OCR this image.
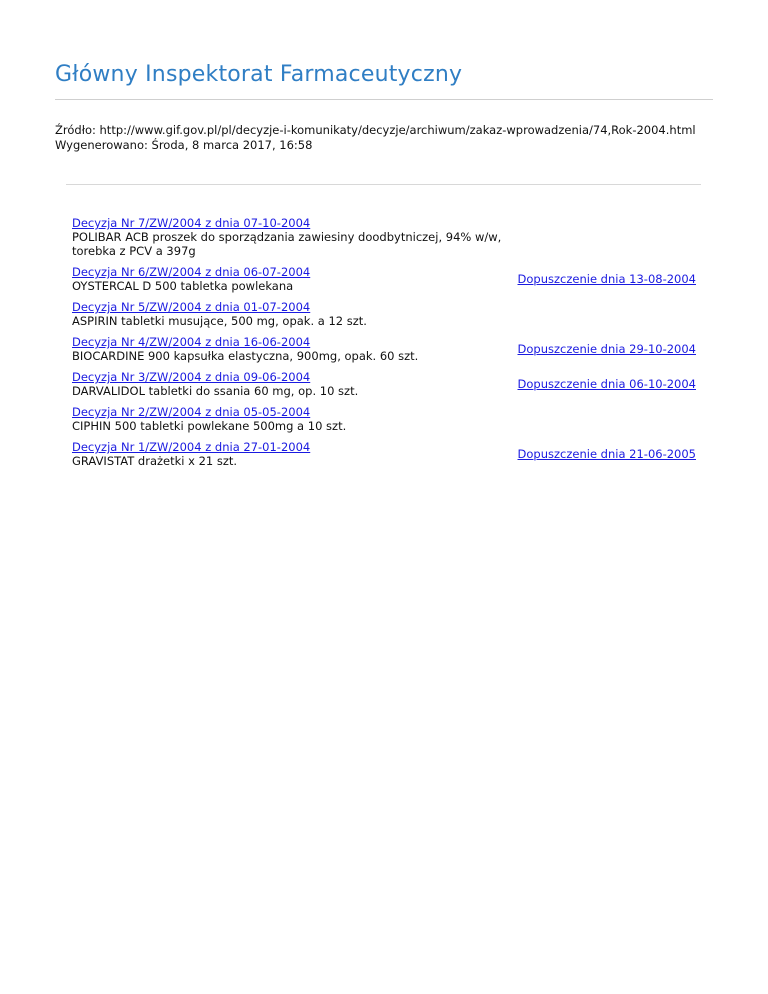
Główny Inspektorat Farmaceutyczny
Źródło: http://www.gif.gov.pl/pl/decyzje-i-komunikaty/decyzje/archiwum/zakaz-wprowadzenia/74,Rok-2004.html
Wygenerowano: Środa, 8 marca 2017, 16:58
Decyzja Nr 7/ZW/2004 z dnia 07-10-2004
POLIBAR ACB proszek do sporządzania zawiesiny doodbytniczej, 94% w/w, torebka z PCV a 397g
Decyzja Nr 6/ZW/2004 z dnia 06-07-2004
OYSTERCAL D 500 tabletka powlekana	Dopuszczenie dnia 13-08-2004
Decyzja Nr 5/ZW/2004 z dnia 01-07-2004
ASPIRIN tabletki musujące, 500 mg, opak. a 12 szt.
Decyzja Nr 4/ZW/2004 z dnia 16-06-2004
BIOCARDINE 900 kapsułka elastyczna, 900mg, opak. 60 szt.	Dopuszczenie dnia 29-10-2004
Decyzja Nr 3/ZW/2004 z dnia 09-06-2004
DARVALIDOL tabletki do ssania 60 mg, op. 10 szt.	Dopuszczenie dnia 06-10-2004
Decyzja Nr 2/ZW/2004 z dnia 05-05-2004
CIPHIN 500 tabletki powlekane 500mg a 10 szt.
Decyzja Nr 1/ZW/2004 z dnia 27-01-2004
GRAVISTAT drażetki x 21 szt.	Dopuszczenie dnia 21-06-2005
